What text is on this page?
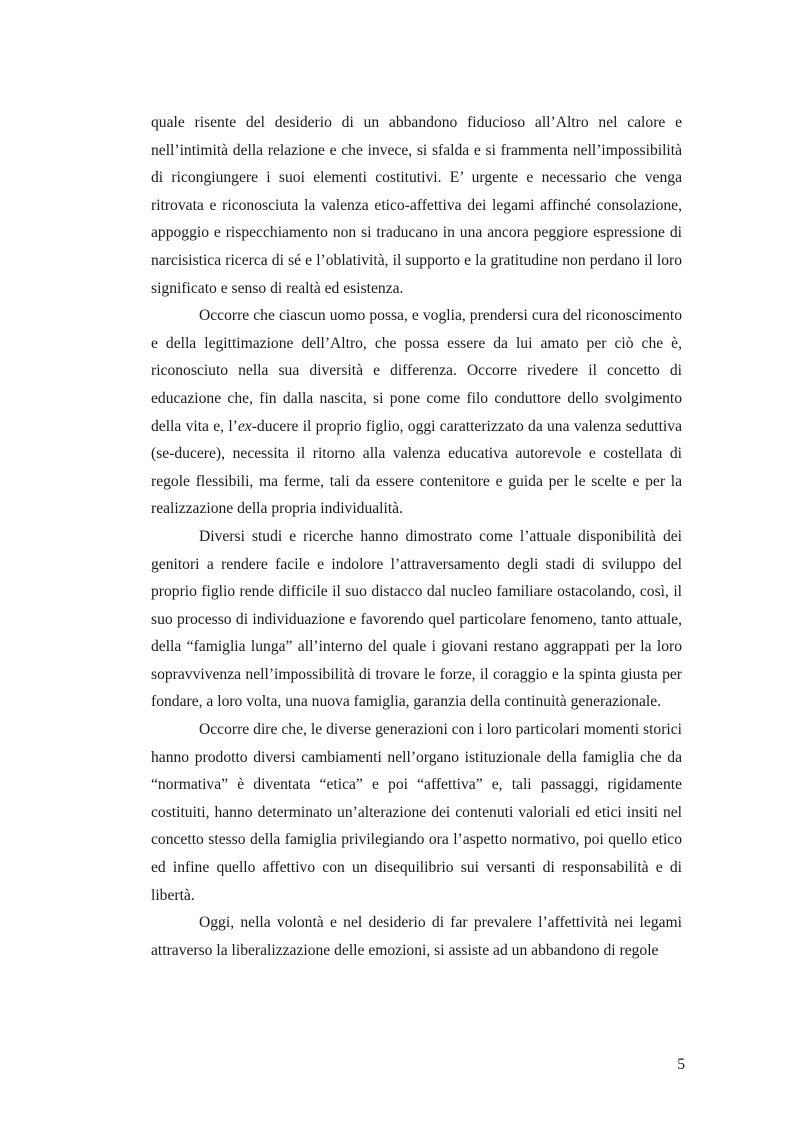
quale risente del desiderio di un abbandono fiducioso all’Altro nel calore e nell’intimità della relazione e che invece, si sfalda e si frammenta nell’impossibilità di ricongiungere i suoi elementi costitutivi. E’ urgente e necessario che venga ritrovata e riconosciuta la valenza etico-affettiva dei legami affinché consolazione, appoggio e rispecchiamento non si traducano in una ancora peggiore espressione di narcisistica ricerca di sé e l’oblatività, il supporto e la gratitudine non perdano il loro significato e senso di realtà ed esistenza.

Occorre che ciascun uomo possa, e voglia, prendersi cura del riconoscimento e della legittimazione dell’Altro, che possa essere da lui amato per ciò che è, riconosciuto nella sua diversità e differenza. Occorre rivedere il concetto di educazione che, fin dalla nascita, si pone come filo conduttore dello svolgimento della vita e, l’ex-ducere il proprio figlio, oggi caratterizzato da una valenza seduttiva (se-ducere), necessita il ritorno alla valenza educativa autorevole e costellata di regole flessibili, ma ferme, tali da essere contenitore e guida per le scelte e per la realizzazione della propria individualità.

Diversi studi e ricerche hanno dimostrato come l’attuale disponibilità dei genitori a rendere facile e indolore l’attraversamento degli stadi di sviluppo del proprio figlio rende difficile il suo distacco dal nucleo familiare ostacolando, così, il suo processo di individuazione e favorendo quel particolare fenomeno, tanto attuale, della “famiglia lunga” all’interno del quale i giovani restano aggrappati per la loro sopravvivenza nell’impossibilità di trovare le forze, il coraggio e la spinta giusta per fondare, a loro volta, una nuova famiglia, garanzia della continuità generazionale.

Occorre dire che, le diverse generazioni con i loro particolari momenti storici hanno prodotto diversi cambiamenti nell’organo istituzionale della famiglia che da “normativa” è diventata “etica” e poi “affettiva” e, tali passaggi, rigidamente costituiti, hanno determinato un’alterazione dei contenuti valoriali ed etici insiti nel concetto stesso della famiglia privilegiando ora l’aspetto normativo, poi quello etico ed infine quello affettivo con un disequilibrio sui versanti di responsabilità e di libertà.

Oggi, nella volontà e nel desiderio di far prevalere l’affettività nei legami attraverso la liberalizzazione delle emozioni, si assiste ad un abbandono di regole

5
